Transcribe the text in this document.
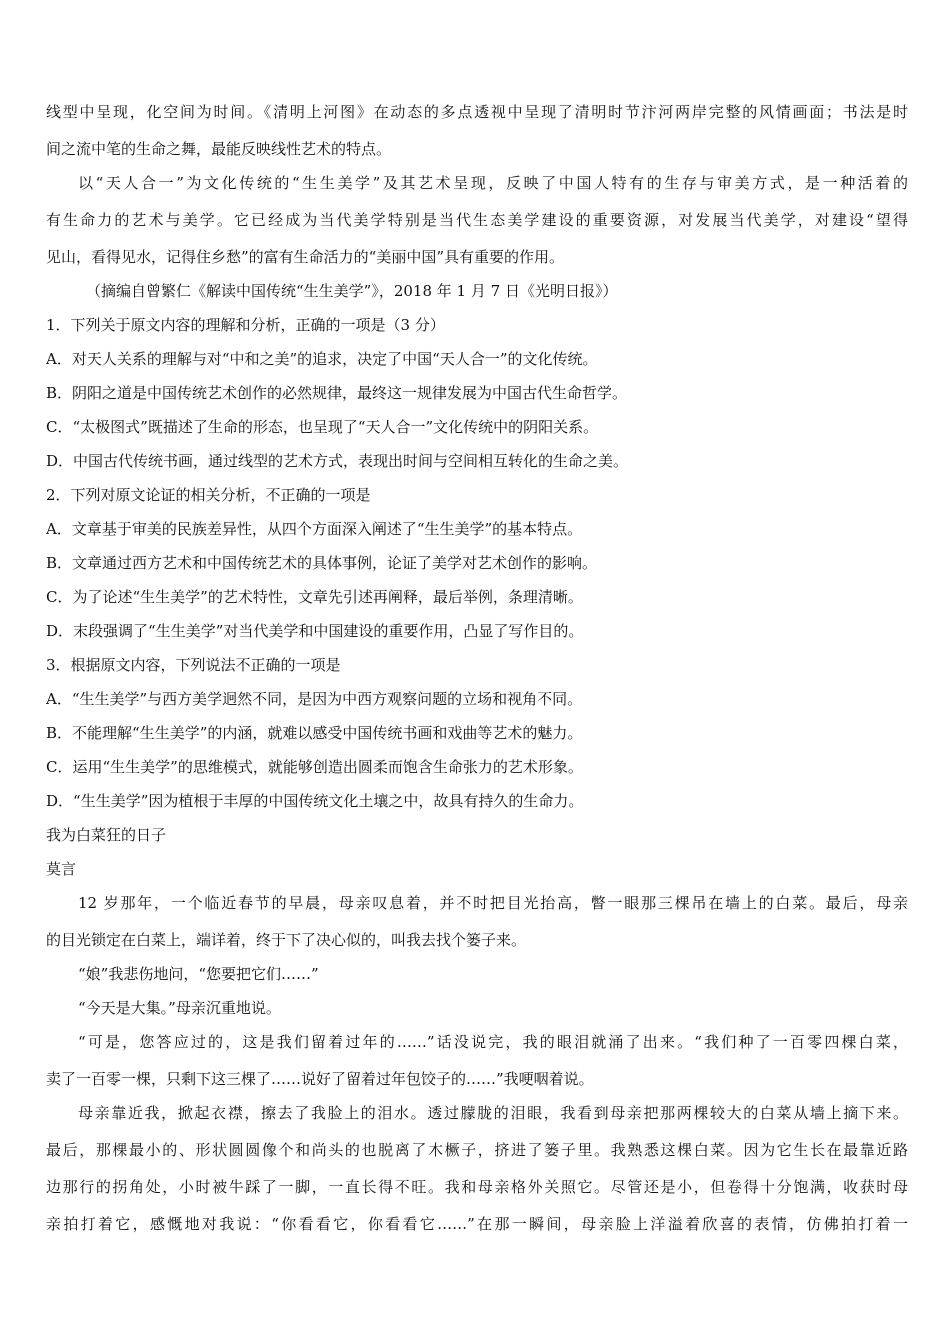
线型中呈现，化空间为时间。《清明上河图》在动态的多点透视中呈现了清明时节汴河两岸完整的风情画面；书法是时
间之流中笔的生命之舞，最能反映线性艺术的特点。
以“天人合一”为文化传统的“生生美学”及其艺术呈现，反映了中国人特有的生存与审美方式，是一种活着的
有生命力的艺术与美学。它已经成为当代美学特别是当代生态美学建设的重要资源，对发展当代美学，对建设“望得
见山，看得见水，记得住乡愁”的富有生命活力的“美丽中国”具有重要的作用。
（摘编自曾繁仁《解读中国传统“生生美学”》，2018 年 1 月 7 日《光明日报》）
1．下列关于原文内容的理解和分析，正确的一项是（3 分）
A．对天人关系的理解与对“中和之美”的追求，决定了中国“天人合一”的文化传统。
B．阴阳之道是中国传统艺术创作的必然规律，最终这一规律发展为中国古代生命哲学。
C．“太极图式”既描述了生命的形态，也呈现了“天人合一”文化传统中的阴阳关系。
D．中国古代传统书画，通过线型的艺术方式，表现出时间与空间相互转化的生命之美。
2．下列对原文论证的相关分析，不正确的一项是
A．文章基于审美的民族差异性，从四个方面深入阐述了“生生美学”的基本特点。
B．文章通过西方艺术和中国传统艺术的具体事例，论证了美学对艺术创作的影响。
C．为了论述“生生美学”的艺术特性，文章先引述再阐释，最后举例，条理清晰。
D．末段强调了“生生美学”对当代美学和中国建设的重要作用，凸显了写作目的。
3．根据原文内容，下列说法不正确的一项是
A．“生生美学”与西方美学迥然不同，是因为中西方观察问题的立场和视角不同。
B．不能理解“生生美学”的内涵，就难以感受中国传统书画和戏曲等艺术的魅力。
C．运用“生生美学”的思维模式，就能够创造出圆柔而饱含生命张力的艺术形象。
D．“生生美学”因为植根于丰厚的中国传统文化土壤之中，故具有持久的生命力。
我为白菜狂的日子
莫言
12 岁那年，一个临近春节的早晨，母亲叹息着，并不时把目光抬高，瞥一眼那三棵吊在墙上的白菜。最后，母亲
的目光锁定在白菜上，端详着，终于下了决心似的，叫我去找个篓子来。
“娘”我悲伤地问，“您要把它们……”
“今天是大集。”母亲沉重地说。
“可是，您答应过的，这是我们留着过年的……”话没说完，我的眼泪就涌了出来。“我们种了一百零四棵白菜，
卖了一百零一棵，只剩下这三棵了……说好了留着过年包饺子的……”我哽咽着说。
母亲靠近我，掀起衣襟，擦去了我脸上的泪水。透过朦胧的泪眼，我看到母亲把那两棵较大的白菜从墙上摘下来。
最后，那棵最小的、形状圆圆像个和尚头的也脱离了木橛子，挤进了篓子里。我熟悉这棵白菜。因为它生长在最靠近路
边那行的拐角处，小时被牛踩了一脚，一直长得不旺。我和母亲格外关照它。尽管还是小，但卷得十分饱满，收获时母
亲拍打着它，感慨地对我说：“你看看它，你看看它……”在那一瞬间，母亲脸上洋溢着欣喜的表情，仿佛拍打着一
